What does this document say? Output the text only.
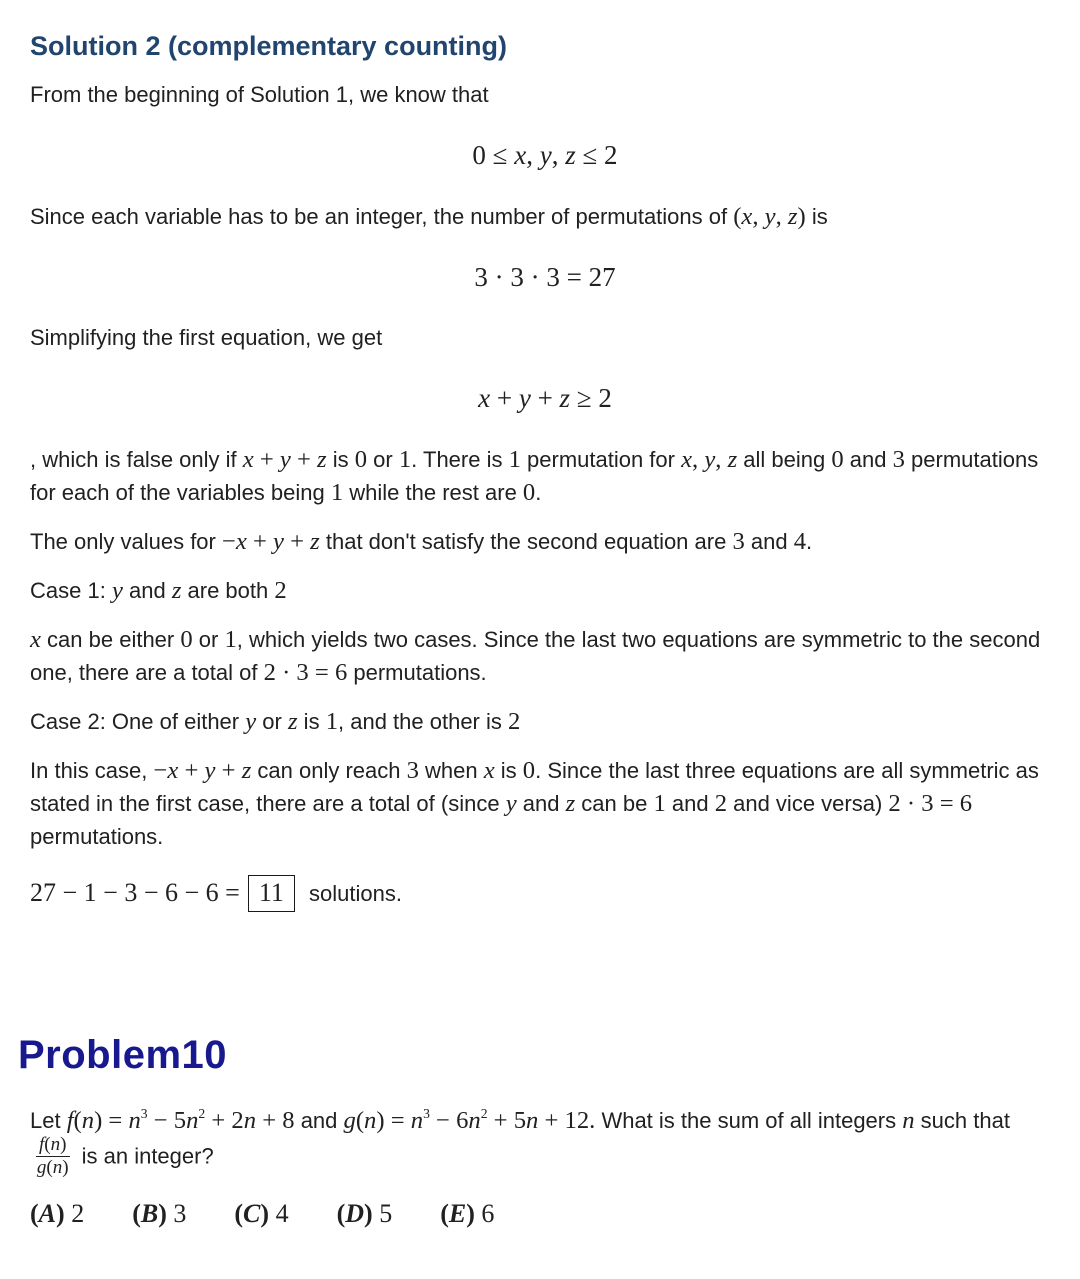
Solution 2 (complementary counting)

From the beginning of Solution 1, we know that

0 ≤ x, y, z ≤ 2

Since each variable has to be an integer, the number of permutations of (x, y, z) is

3 · 3 · 3 = 27

Simplifying the first equation, we get

x + y + z ≥ 2

, which is false only if x + y + z is 0 or 1. There is 1 permutation for x, y, z all being 0 and 3 permutations for each of the variables being 1 while the rest are 0.

The only values for −x + y + z that don't satisfy the second equation are 3 and 4.

Case 1: y and z are both 2

x can be either 0 or 1, which yields two cases. Since the last two equations are symmetric to the second one, there are a total of 2 · 3 = 6 permutations.

Case 2: One of either y or z is 1, and the other is 2

In this case, −x + y + z can only reach 3 when x is 0. Since the last three equations are all symmetric as stated in the first case, there are a total of (since y and z can be 1 and 2 and vice versa) 2 · 3 = 6 permutations.

27 − 1 − 3 − 6 − 6 = 11 solutions.

Problem10

Let $f(n) = n^3 - 5n^2 + 2n + 8$ and $g(n) = n^3 - 6n^2 + 5n + 12$. What is the sum of all integers n such that
$\frac{f(n)}{g(n)}$ is an integer?

(A) 2 (B) 3 (C) 4 (D) 5 (E) 6
